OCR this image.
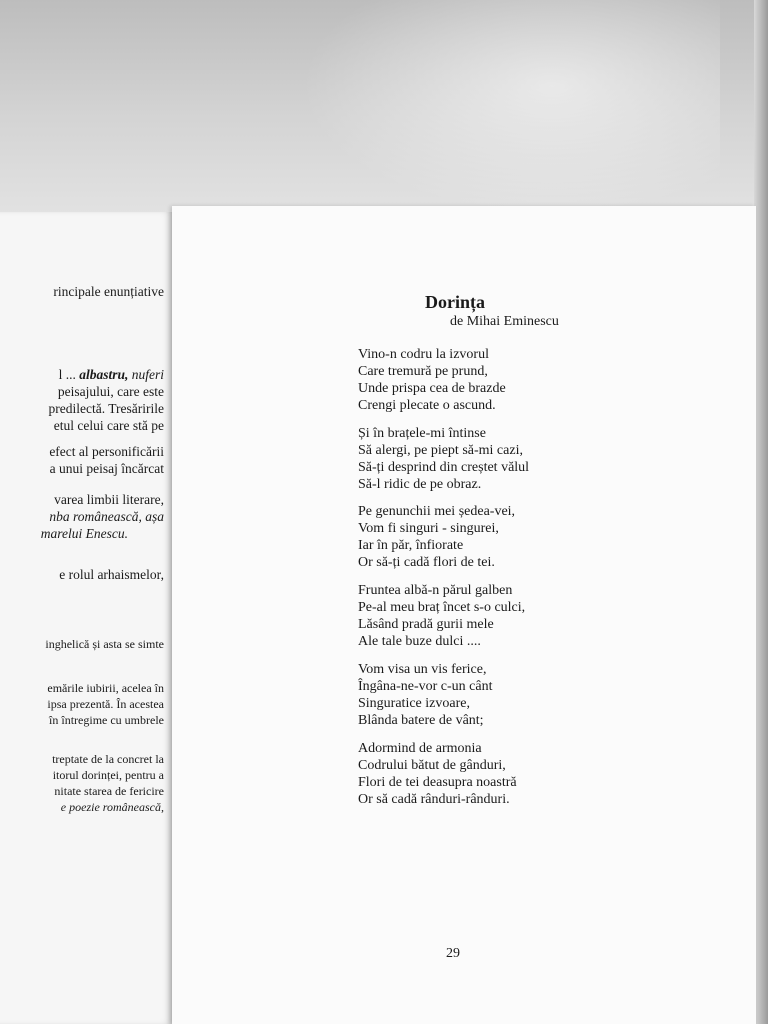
rincipale enunțiative
l ... albastru, nuferi
peisajului, care este
predilectă. Tresăririle
etul celui care stă pe
efect al personificării
a unui peisaj încărcat
varea limbii literare,
nba românească, așa
marelui Enescu.
e rolul arhaismelor,
inghelică și asta se simte
emările iubirii, acelea în
ipsa prezentă. În acestea
în întregime cu umbrele
treptate de la concret la
itorul dorinței, pentru a
nitate starea de fericire
e poezie românească,
Dorința
de Mihai Eminescu
Vino-n codru la izvorul
Care tremură pe prund,
Unde prispa cea de brazde
Crengi plecate o ascund.
Și în brațele-mi întinse
Să alergi, pe piept să-mi cazi,
Să-ți desprind din creștet vălul
Să-l ridic de pe obraz.
Pe genunchii mei ședea-vei,
Vom fi singuri - singurei,
Iar în păr, înfiorate
Or să-ți cadă flori de tei.
Fruntea albă-n părul galben
Pe-al meu braț încet s-o culci,
Lăsând pradă gurii mele
Ale tale buze dulci ....
Vom visa un vis ferice,
Îngâna-ne-vor c-un cânt
Singuratice izvoare,
Blânda batere de vânt;
Adormind de armonia
Codrului bătut de gânduri,
Flori de tei deasupra noastră
Or să cadă rânduri-rânduri.
29
